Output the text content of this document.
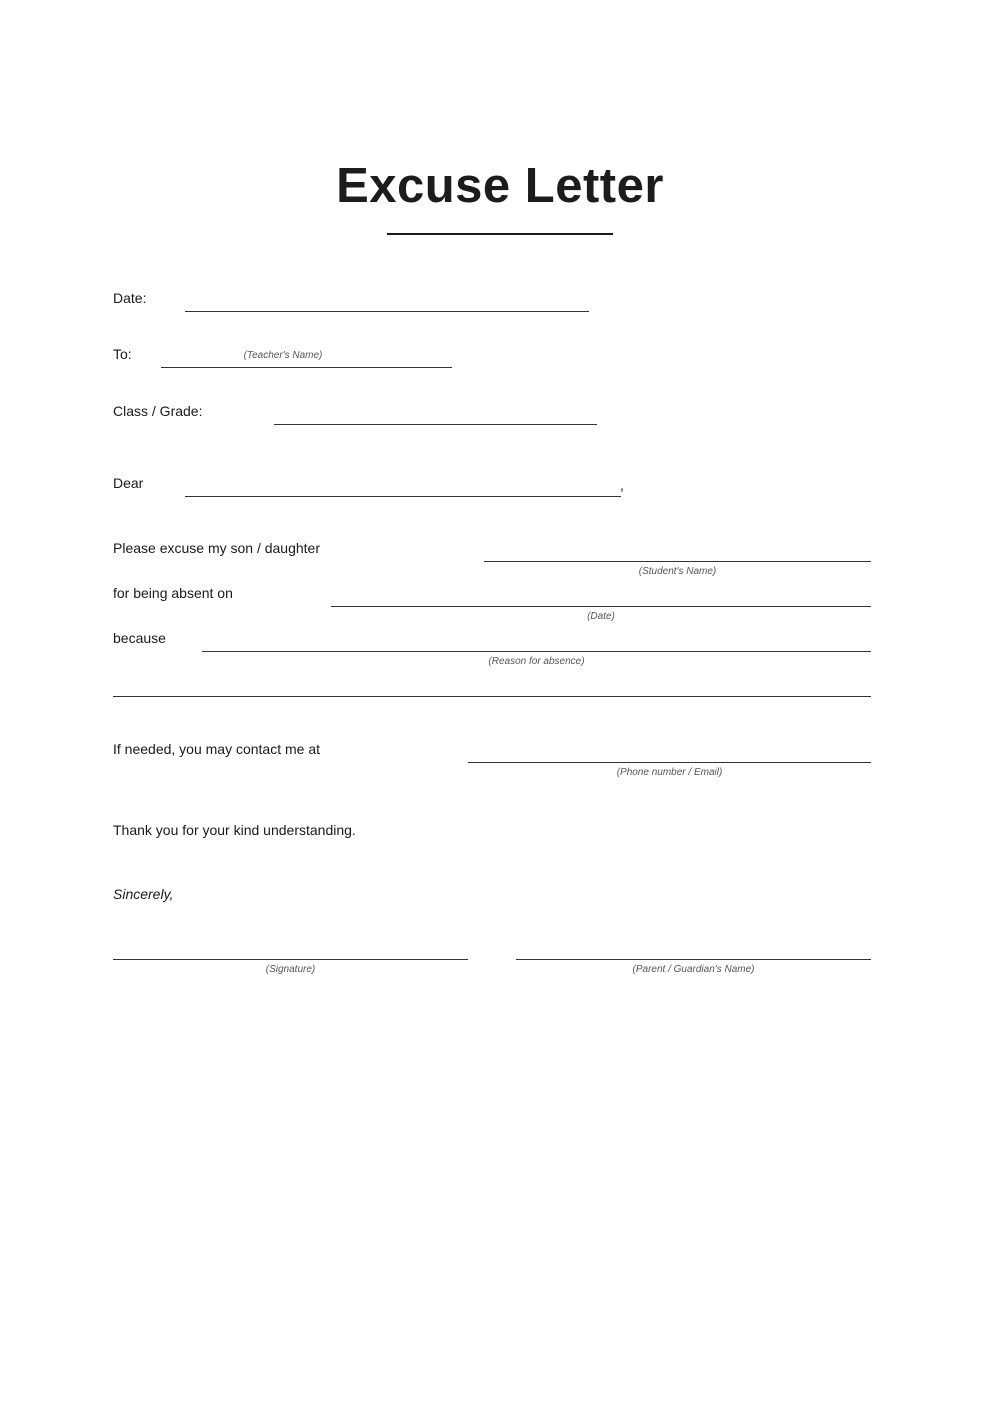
Excuse Letter
Date:
To:	(Teacher's Name)
Class / Grade:
Dear	,
Please excuse my son / daughter
(Student's Name)
for being absent on
(Date)
because
(Reason for absence)
If needed, you may contact me at
(Phone number / Email)
Thank you for your kind understanding.
Sincerely,
(Signature)	(Parent / Guardian's Name)
